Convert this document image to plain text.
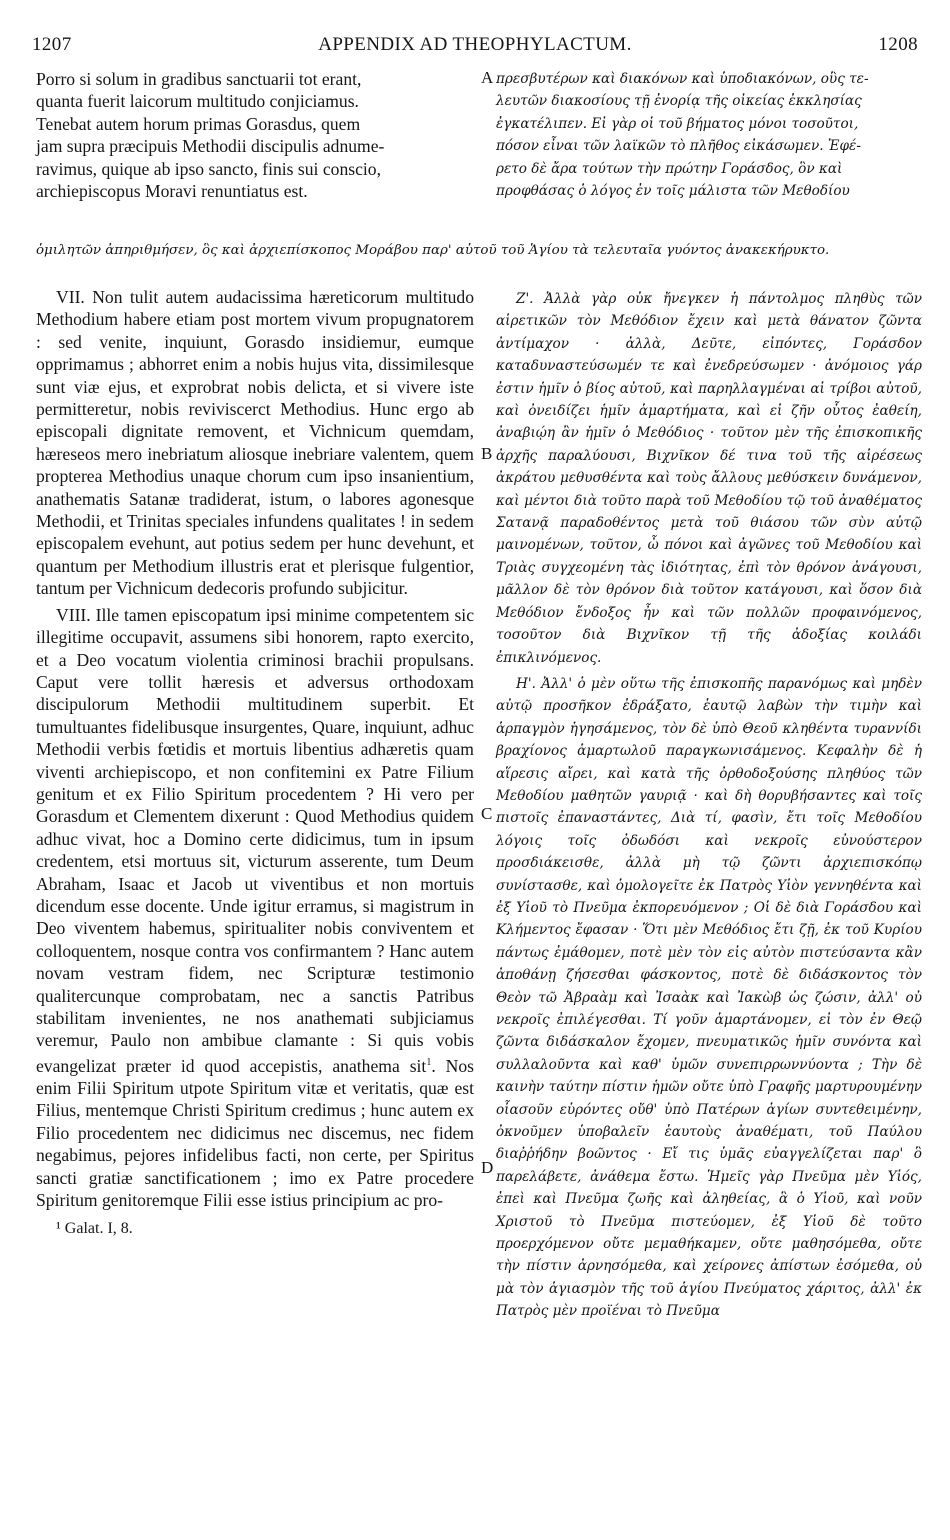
1207	APPENDIX AD THEOPHYLACTUM.	1208

Porro si solum in gradibus sanctuarii tot erant,

quanta fuerit laicorum multitudo conjiciamus.

Tenebat autem horum primas Gorasdus, quem

jam supra præcipuis Methodii discipulis adnume-

ravimus, quique ab ipso sancto, finis sui conscio,

archiepiscopus Moravi renuntiatus est.

πρεσβυτέρων καὶ διακόνων καὶ ὑποδιακόνων, οὓς τε-

λευτῶν διακοσίους τῇ ἐνορίᾳ τῆς οἰκείας ἐκκλησίας

ἐγκατέλιπεν. Εἰ γὰρ οἱ τοῦ βήματος μόνοι τοσοῦτοι,

πόσον εἶναι τῶν λαϊκῶν τὸ πλῆθος εἰκάσωμεν. Ἐφέ-

ρετο δὲ ἄρα τούτων τὴν πρώτην Γοράσδος, ὃν καὶ

προφθάσας ὁ λόγος ἐν τοῖς μάλιστα τῶν Μεθοδίου

ὁμιλητῶν ἀπηριθμήσεν, ὃς καὶ ἀρχιεπίσκοπος Μοράβου παρ' αὐτοῦ τοῦ Ἁγίου τὰ τελευταῖα γυόντος ἀνακεκήρυκτο.

VII. Non tulit autem audacissima hæreticorum multitudo Methodium habere etiam post mortem vivum propugnatorem : sed venite, inquiunt, Gorasdo insidiemur, eumque opprimamus ; abhorret enim a nobis hujus vita, dissimilesque sunt viæ ejus, et exprobrat nobis delicta, et si vivere iste permitteretur, nobis reviviscerct Methodius. Hunc ergo ab episcopali dignitate removent, et Vichnicum quemdam, hæreseos mero inebriatum aliosque inebriare valentem, quem propterea Methodius unaque chorum cum ipso insanientium, anathematis Satanæ tradiderat, istum, o labores agonesque Methodii, et Trinitas speciales infundens qualitates ! in sedem episcopalem evehunt, aut potius sedem per hunc devehunt, et quantum per Methodium illustris erat et plerisque fulgentior, tantum per Vichnicum dedecoris profundo subjicitur.

VIII. Ille tamen episcopatum ipsi minime competentem sic illegitime occupavit, assumens sibi honorem, rapto exercito, et a Deo vocatum violentia criminosi brachii propulsans. Caput vere tollit hæresis et adversus orthodoxam discipulorum Methodii multitudinem superbit. Et tumultuantes fidelibusque insurgentes, Quare, inquiunt, adhuc Methodii verbis fœtidis et mortuis libentius adhæretis quam viventi archiepiscopo, et non confitemini ex Patre Filium genitum et ex Filio Spiritum procedentem ? Hi vero per Gorasdum et Clementem dixerunt : Quod Methodius quidem adhuc vivat, hoc a Domino certe didicimus, tum in ipsum credentem, etsi mortuus sit, victurum asserente, tum Deum Abraham, Isaac et Jacob ut viventibus et non mortuis dicendum esse docente. Unde igitur erramus, si magistrum in Deo viventem habemus, spiritualiter nobis conviventem et colloquentem, nosque contra vos confirmantem ? Hanc autem novam vestram fidem, nec Scripturæ testimonio qualitercunque comprobatam, nec a sanctis Patribus stabilitam invenientes, ne nos anathemati subjiciamus veremur, Paulo non ambibue clamante : Si quis vobis evangelizat præter id quod accepistis, anathema sit$^1$. Nos enim Filii Spiritum utpote Spiritum vitæ et veritatis, quæ est Filius, mentemque Christi Spiritum credimus ; hunc autem ex Filio procedentem nec didicimus nec discemus, nec fidem negabimus, pejores infidelibus facti, non certe, per Spiritus sancti gratiæ sanctificationem ; imo ex Patre procedere Spiritum genitoremque Filii esse istius principium ac pro-

¹ Galat. I, 8.

Ζ'. Ἀλλὰ γὰρ οὐκ ἤνεγκεν ἡ πάντολμος πληθὺς τῶν αἱρετικῶν τὸν Μεθόδιον ἔχειν καὶ μετὰ θάνατον ζῶντα ἀντίμαχον · ἀλλὰ, Δεῦτε, εἰπόντες, Γοράσδον καταδυναστεύσωμέν τε καὶ ἐνεδρεύσωμεν · ἀνόμοιος γάρ ἐστιν ἡμῖν ὁ βίος αὐτοῦ, καὶ παρηλλαγμέναι αἱ τρίβοι αὐτοῦ, καὶ ὀνειδίζει ἡμῖν ἁμαρτήματα, καὶ εἰ ζῆν οὗτος ἐαθείη, ἀναβιῴη ἂν ἡμῖν ὁ Μεθόδιος · τοῦτον μὲν τῆς ἐπισκοπικῆς ἀρχῆς παραλύουσι, Βιχνῖκον δέ τινα τοῦ τῆς αἱρέσεως ἀκράτου μεθυσθέντα καὶ τοὺς ἄλλους μεθύσκειν δυνάμενον, καὶ μέντοι διὰ τοῦτο παρὰ τοῦ Μεθοδίου τῷ τοῦ ἀναθέματος Σατανᾷ παραδοθέντος μετὰ τοῦ θιάσου τῶν σὺν αὐτῷ μαινομένων, τοῦτον, ὦ πόνοι καὶ ἀγῶνες τοῦ Μεθοδίου καὶ Τριὰς συγχεομένη τὰς ἰδιότητας, ἐπὶ τὸν θρόνον ἀνάγουσι, μᾶλλον δὲ τὸν θρόνον διὰ τοῦτον κατάγουσι, καὶ ὅσον διὰ Μεθόδιον ἔνδοξος ἦν καὶ τῶν πολλῶν προφαινόμενος, τοσοῦτον διὰ Βιχνῖκον τῇ τῆς ἀδοξίας κοιλάδι ἐπικλινόμενος.

Η'. Ἀλλ' ὁ μὲν οὕτω τῆς ἐπισκοπῆς παρανόμως καὶ μηδὲν αὐτῷ προσῆκον ἐδράξατο, ἑαυτῷ λαβὼν τὴν τιμὴν καὶ ἁρπαγμὸν ἡγησάμενος, τὸν δὲ ὑπὸ Θεοῦ κληθέντα τυραννίδι βραχίονος ἁμαρτωλοῦ παραγκωνισάμενος. Κεφαλὴν δὲ ἡ αἵρεσις αἴρει, καὶ κατὰ τῆς ὀρθοδοξούσης πληθύος τῶν Μεθοδίου μαθητῶν γαυριᾷ · καὶ δὴ θορυβήσαντες καὶ τοῖς πιστοῖς ἐπαναστάντες, Διὰ τί, φασὶν, ἔτι τοῖς Μεθοδίου λόγοις τοῖς ὀδωδόσι καὶ νεκροῖς εὐνούστερον προσδιάκεισθε, ἀλλὰ μὴ τῷ ζῶντι ἀρχιεπισκόπῳ συνίστασθε, καὶ ὁμολογεῖτε ἐκ Πατρὸς Υἱὸν γεννηθέντα καὶ ἐξ Υἱοῦ τὸ Πνεῦμα ἐκπορευόμενον ; Οἱ δὲ διὰ Γοράσδου καὶ Κλήμεντος ἔφασαν · Ὅτι μὲν Μεθόδιος ἔτι ζῇ, ἐκ τοῦ Κυρίου πάντως ἐμάθομεν, ποτὲ μὲν τὸν εἰς αὐτὸν πιστεύσαντα κἂν ἀποθάνῃ ζήσεσθαι φάσκοντος, ποτὲ δὲ διδάσκοντος τὸν Θεὸν τῶ Ἀβραὰμ καὶ Ἰσαὰκ καὶ Ἰακὼβ ὡς ζώσιν, ἀλλ' οὐ νεκροῖς ἐπιλέγεσθαι. Τί γοῦν ἁμαρτάνομεν, εἰ τὸν ἐν Θεῷ ζῶντα διδάσκαλον ἔχομεν, πνευματικῶς ἡμῖν συνόντα καὶ συλλαλοῦντα καὶ καθ' ὑμῶν συνεπιρρωννύοντα ; Τὴν δὲ καινὴν ταύτην πίστιν ἡμῶν οὔτε ὑπὸ Γραφῆς μαρτυρουμένην οἷασοῦν εὑρόντες οὔθ' ὑπὸ Πατέρων ἁγίων συντεθειμένην, ὀκνοῦμεν ὑποβαλεῖν ἑαυτοὺς ἀναθέματι, τοῦ Παύλου διαῤῥήδην βοῶντος · Εἴ τις ὑμᾶς εὐαγγελίζεται παρ' ὃ παρελάβετε, ἀνάθεμα ἔστω. Ἡμεῖς γὰρ Πνεῦμα μὲν Υἱός, ἐπεὶ καὶ Πνεῦμα ζωῆς καὶ ἀληθείας, ἃ ὁ Υἱοῦ, καὶ νοῦν Χριστοῦ τὸ Πνεῦμα πιστεύομεν, ἐξ Υἱοῦ δὲ τοῦτο προερχόμενον οὔτε μεμαθήκαμεν, οὔτε μαθησόμεθα, οὔτε τὴν πίστιν ἀρνησόμεθα, καὶ χείρονες ἀπίστων ἐσόμεθα, οὐ μὰ τὸν ἁγιασμὸν τῆς τοῦ ἁγίου Πνεύματος χάριτος, ἀλλ' ἐκ Πατρὸς μὲν προϊέναι τὸ Πνεῦμα

A
B
C
D
